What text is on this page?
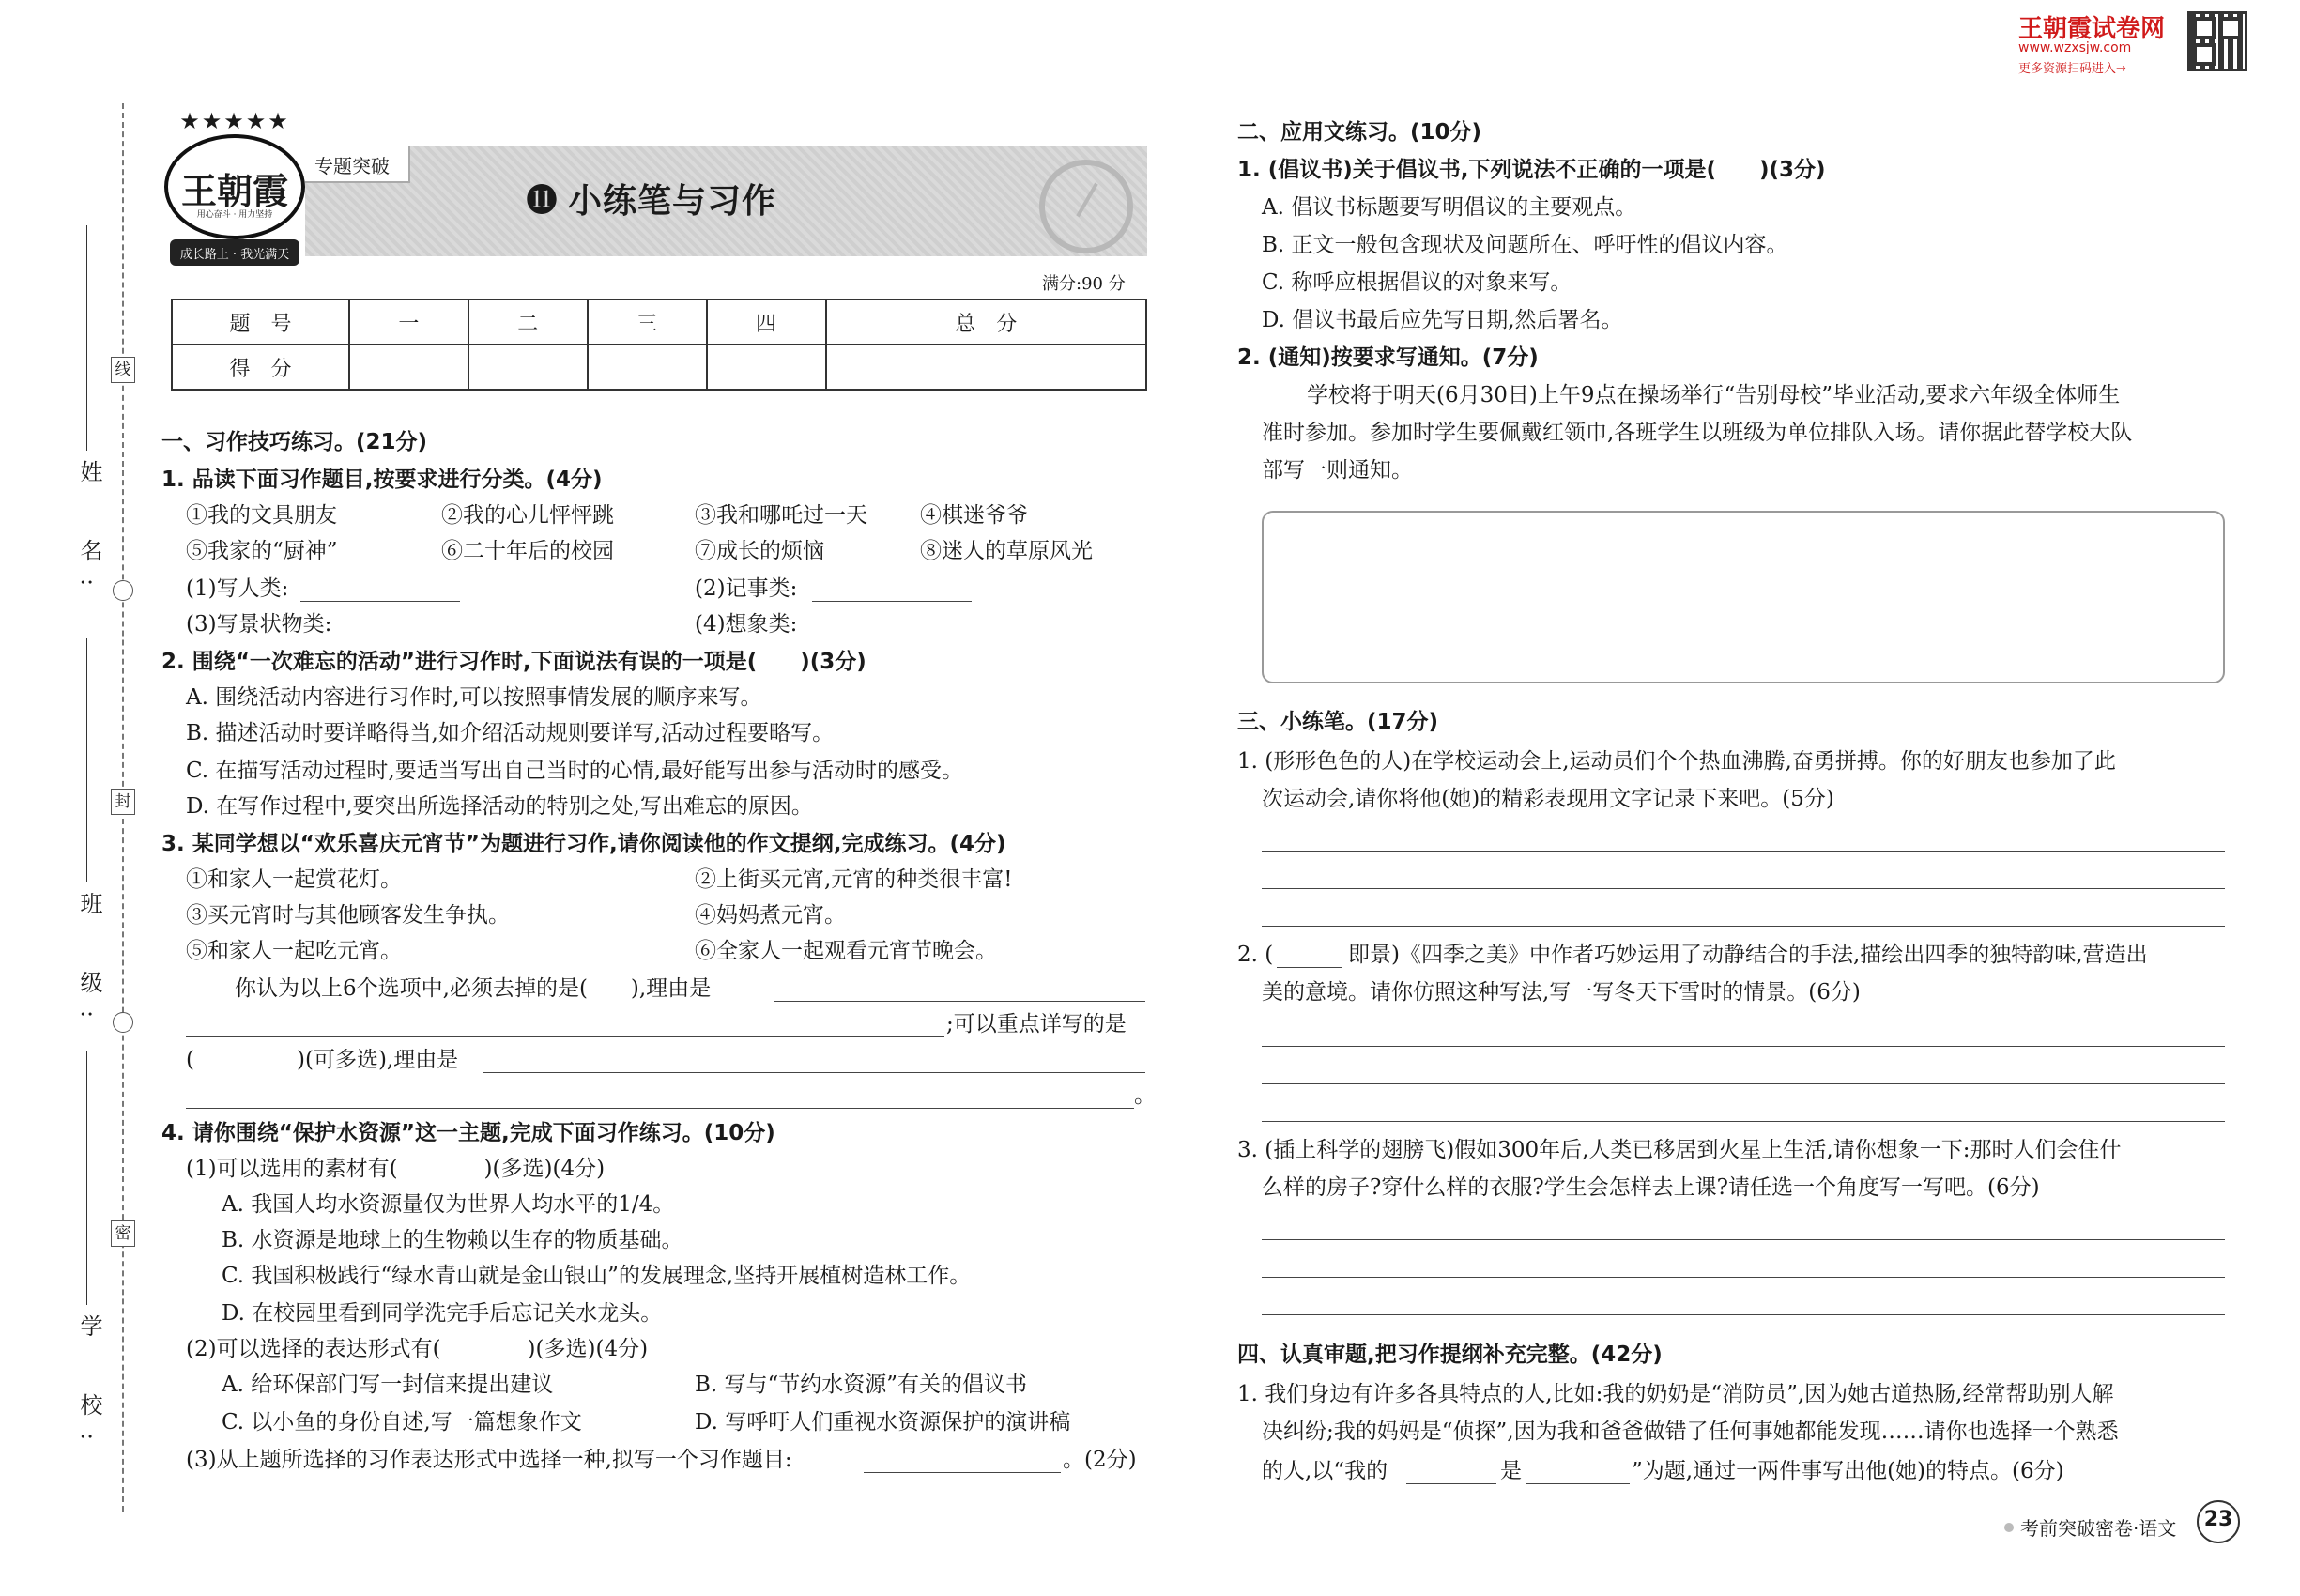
王朝霞试卷网
www.wzxsjw.com
更多资源扫码进入→
线
封
密
姓　名:
班　级:
学　校:
★★★★★
王朝霞
用心奋斗 · 用力坚持
成长路上 · 我光满天
专题突破
⓫ 小练笔与习作
满分:90 分
题　号	一	二	三	四	总　分
得　分					
一、习作技巧练习。(21分)
1. 品读下面习作题目,按要求进行分类。(4分)
①我的文具朋友	②我的心儿怦怦跳	③我和哪吒过一天 ④棋迷爷爷
⑤我家的“厨神”	⑥二十年后的校园	⑦成长的烦恼	⑧迷人的草原风光
(1)写人类:	(2)记事类:
(3)写景状物类:	(4)想象类:
2. 围绕“一次难忘的活动”进行习作时,下面说法有误的一项是(　　)(3分)
A. 围绕活动内容进行习作时,可以按照事情发展的顺序来写。
B. 描述活动时要详略得当,如介绍活动规则要详写,活动过程要略写。
C. 在描写活动过程时,要适当写出自己当时的心情,最好能写出参与活动时的感受。
D. 在写作过程中,要突出所选择活动的特别之处,写出难忘的原因。
3. 某同学想以“欢乐喜庆元宵节”为题进行习作,请你阅读他的作文提纲,完成练习。(4分)
①和家人一起赏花灯。	②上街买元宵,元宵的种类很丰富!
③买元宵时与其他顾客发生争执。	④妈妈煮元宵。
⑤和家人一起吃元宵。	⑥全家人一起观看元宵节晚会。
你认为以上6个选项中,必须去掉的是(　　),理由是
;可以重点详写的是
(	)(可多选),理由是
。
4. 请你围绕“保护水资源”这一主题,完成下面习作练习。(10分)
(1)可以选用的素材有(　　　　)(多选)(4分)
A. 我国人均水资源量仅为世界人均水平的1/4。
B. 水资源是地球上的生物赖以生存的物质基础。
C. 我国积极践行“绿水青山就是金山银山”的发展理念,坚持开展植树造林工作。
D. 在校园里看到同学洗完手后忘记关水龙头。
(2)可以选择的表达形式有(　　　　)(多选)(4分)
A. 给环保部门写一封信来提出建议	B. 写与“节约水资源”有关的倡议书
C. 以小鱼的身份自述,写一篇想象作文	D. 写呼吁人们重视水资源保护的演讲稿
(3)从上题所选择的习作表达形式中选择一种,拟写一个习作题目:	。(2分)
二、应用文练习。(10分)
1. (倡议书)关于倡议书,下列说法不正确的一项是(　　)(3分)
A. 倡议书标题要写明倡议的主要观点。
B. 正文一般包含现状及问题所在、呼吁性的倡议内容。
C. 称呼应根据倡议的对象来写。
D. 倡议书最后应先写日期,然后署名。
2. (通知)按要求写通知。(7分)
学校将于明天(6月30日)上午9点在操场举行“告别母校”毕业活动,要求六年级全体师生
准时参加。参加时学生要佩戴红领巾,各班学生以班级为单位排队入场。请你据此替学校大队
部写一则通知。
三、小练笔。(17分)
1. (形形色色的人)在学校运动会上,运动员们个个热血沸腾,奋勇拼搏。你的好朋友也参加了此
次运动会,请你将他(她)的精彩表现用文字记录下来吧。(5分)
2. (	即景)《四季之美》中作者巧妙运用了动静结合的手法,描绘出四季的独特韵味,营造出
美的意境。请你仿照这种写法,写一写冬天下雪时的情景。(6分)
3. (插上科学的翅膀飞)假如300年后,人类已移居到火星上生活,请你想象一下:那时人们会住什
么样的房子?穿什么样的衣服?学生会怎样去上课?请任选一个角度写一写吧。(6分)
四、认真审题,把习作提纲补充完整。(42分)
1. 我们身边有许多各具特点的人,比如:我的奶奶是“消防员”,因为她古道热肠,经常帮助别人解
决纠纷;我的妈妈是“侦探”,因为我和爸爸做错了任何事她都能发现……请你也选择一个熟悉
的人,以“我的	是	”为题,通过一两件事写出他(她)的特点。(6分)
考前突破密卷·语文 23
